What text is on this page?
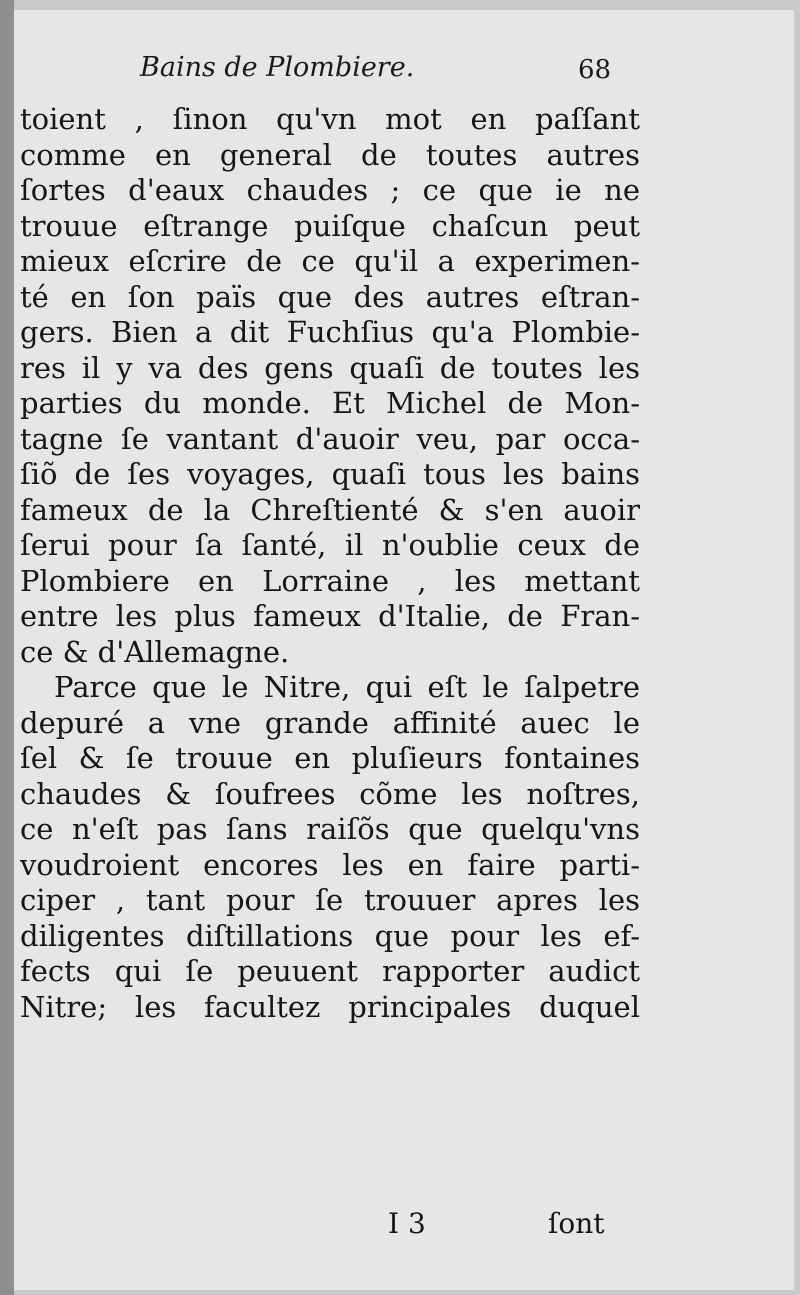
Bains de Plombiere.	68
toient , ſinon qu'vn mot en paſſant
comme en general de toutes autres
ſortes d'eaux chaudes ; ce que ie ne
trouue eſtrange puiſque chaſcun peut
mieux eſcrire de ce qu'il a experimen-
té en ſon païs que des autres eſtran-
gers. Bien a dit Fuchſius qu'a Plombie-
res il y va des gens quaſi de toutes les
parties du monde. Et Michel de Mon-
tagne ſe vantant d'auoir veu, par occa-
ſiõ de ſes voyages, quaſi tous les bains
fameux de la Chreſtienté & s'en auoir
ſerui pour ſa ſanté, il n'oublie ceux de
Plombiere en Lorraine , les mettant
entre les plus fameux d'Italie, de Fran-
ce & d'Allemagne.
Parce que le Nitre, qui eſt le ſalpetre
depuré a vne grande affinité auec le
ſel & ſe trouue en pluſieurs fontaines
chaudes & ſoufrees cõme les noſtres,
ce n'eſt pas ſans raiſõs que quelqu'vns
voudroient encores les en faire parti-
ciper , tant pour ſe trouuer apres les
diligentes diſtillations que pour les ef-
fects qui ſe peuuent rapporter audict
Nitre; les facultez principales duquel
I 3	ſont
